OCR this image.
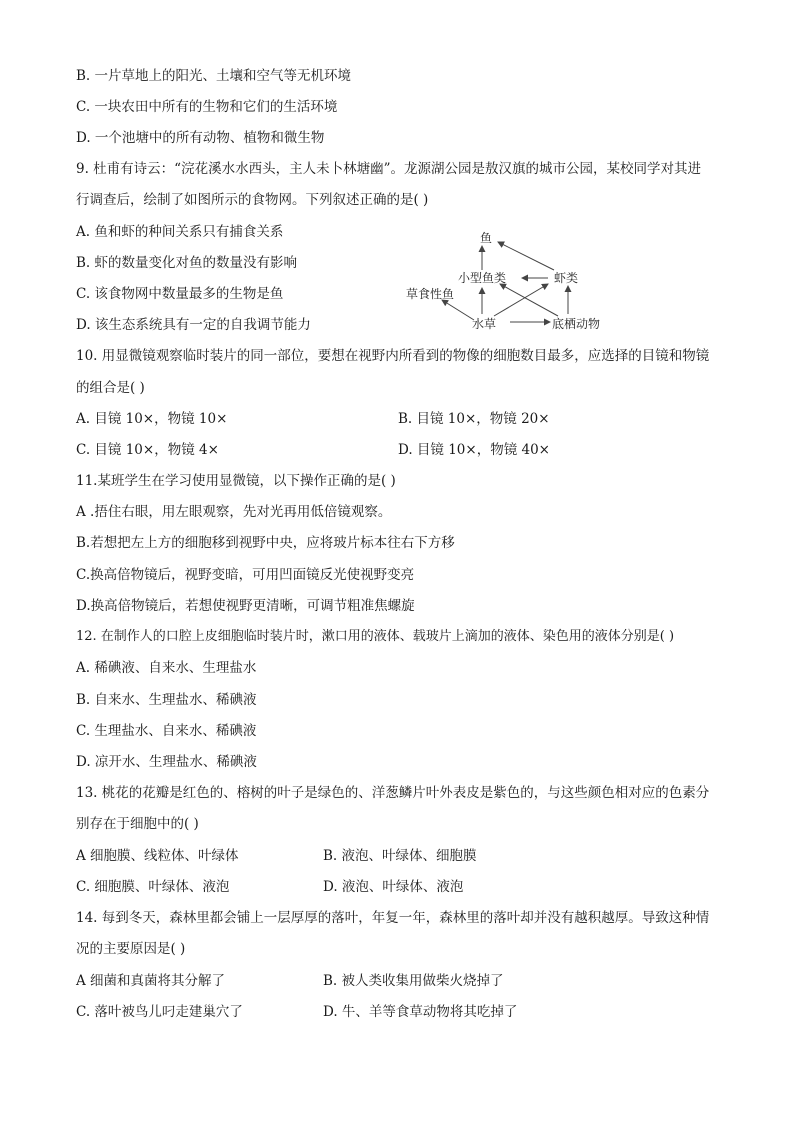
B. 一片草地上的阳光、土壤和空气等无机环境
C. 一块农田中所有的生物和它们的生活环境
D. 一个池塘中的所有动物、植物和微生物
9. 杜甫有诗云：“浣花溪水水西头，主人未卜林塘幽”。龙源湖公园是敖汉旗的城市公园，某校同学对其进
行调查后，绘制了如图所示的食物网。下列叙述正确的是( )
A. 鱼和虾的种间关系只有捕食关系
B. 虾的数量变化对鱼的数量没有影响
C. 该食物网中数量最多的生物是鱼
D. 该生态系统具有一定的自我调节能力
鱼
小型鱼类	虾类
草食性鱼
水草	底栖动物
10. 用显微镜观察临时装片的同一部位，要想在视野内所看到的物像的细胞数目最多，应选择的目镜和物镜
的组合是( )
A. 目镜 10×，物镜 10×	B. 目镜 10×，物镜 20×
C. 目镜 10×，物镜 4×	D. 目镜 10×，物镜 40×
11.某班学生在学习使用显微镜，以下操作正确的是( )
A .捂住右眼，用左眼观察，先对光再用低倍镜观察。
B.若想把左上方的细胞移到视野中央，应将玻片标本往右下方移
C.换高倍物镜后，视野变暗，可用凹面镜反光使视野变亮
D.换高倍物镜后，若想使视野更清晰，可调节粗准焦螺旋
12. 在制作人的口腔上皮细胞临时装片时，漱口用的液体、载玻片上滴加的液体、染色用的液体分别是( )
A. 稀碘液、自来水、生理盐水
B. 自来水、生理盐水、稀碘液
C. 生理盐水、自来水、稀碘液
D. 凉开水、生理盐水、稀碘液
13. 桃花的花瓣是红色的、榕树的叶子是绿色的、洋葱鳞片叶外表皮是紫色的，与这些颜色相对应的色素分
别存在于细胞中的( )
A 细胞膜、线粒体、叶绿体	B. 液泡、叶绿体、细胞膜
C. 细胞膜、叶绿体、液泡	D. 液泡、叶绿体、液泡
14. 每到冬天，森林里都会铺上一层厚厚的落叶，年复一年，森林里的落叶却并没有越积越厚。导致这种情
况的主要原因是( )
A 细菌和真菌将其分解了	B. 被人类收集用做柴火烧掉了
C. 落叶被鸟儿叼走建巢穴了	D. 牛、羊等食草动物将其吃掉了
